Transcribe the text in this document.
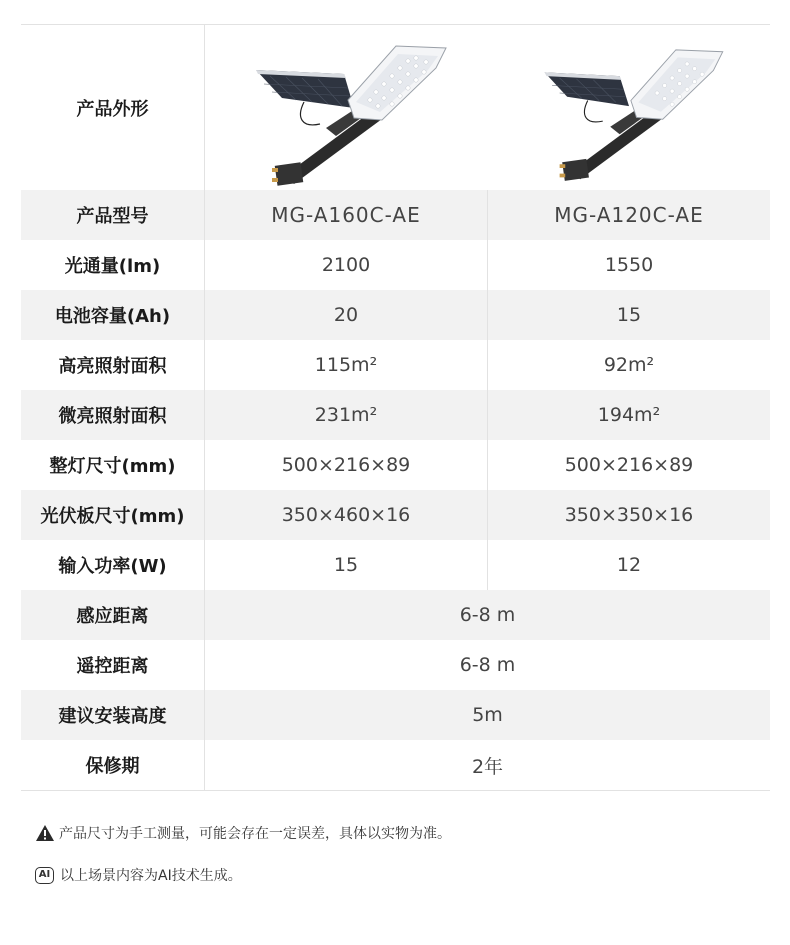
产品外形
产品型号	MG-A160C-AE	MG-A120C-AE
光通量(lm)	2100	1550
电池容量(Ah)	20	15
高亮照射面积	115m²	92m²
微亮照射面积	231m²	194m²
整灯尺寸(mm)	500×216×89	500×216×89
光伏板尺寸(mm)	350×460×16	350×350×16
输入功率(W)	15	12
感应距离	6-8 m
遥控距离	6-8 m
建议安装高度	5m
保修期	2年
产品尺寸为手工测量，可能会存在一定误差，具体以实物为准。
AI 以上场景内容为AI技术生成。
